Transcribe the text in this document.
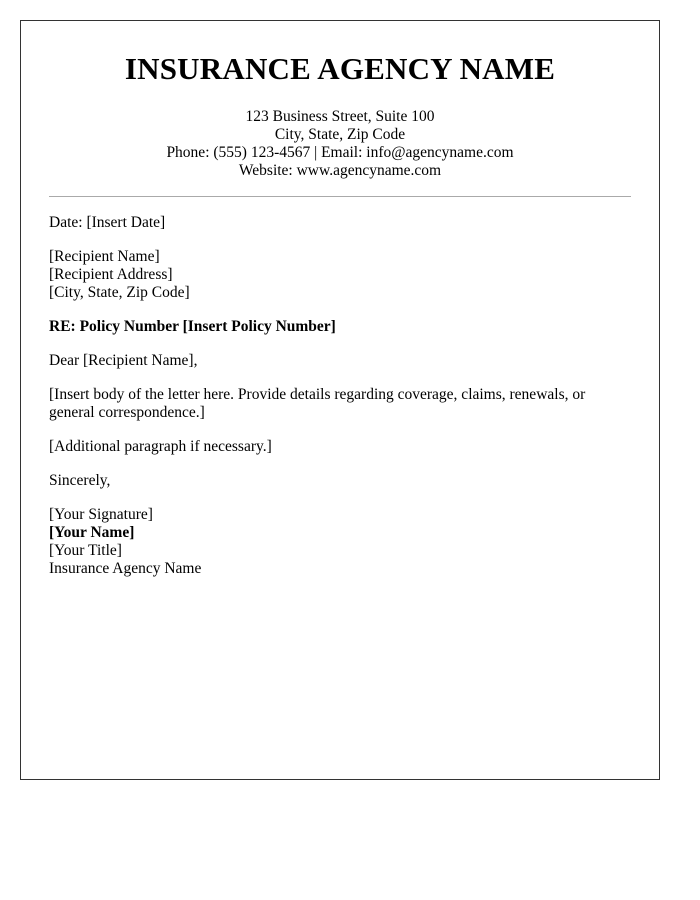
INSURANCE AGENCY NAME
123 Business Street, Suite 100
City, State, Zip Code
Phone: (555) 123-4567 | Email: info@agencyname.com
Website: www.agencyname.com

Date: [Insert Date]

[Recipient Name]
[Recipient Address]
[City, State, Zip Code]

RE: Policy Number [Insert Policy Number]

Dear [Recipient Name],

[Insert body of the letter here. Provide details regarding coverage, claims, renewals, or general correspondence.]

[Additional paragraph if necessary.]

Sincerely,

[Your Signature]
[Your Name]
[Your Title]
Insurance Agency Name
